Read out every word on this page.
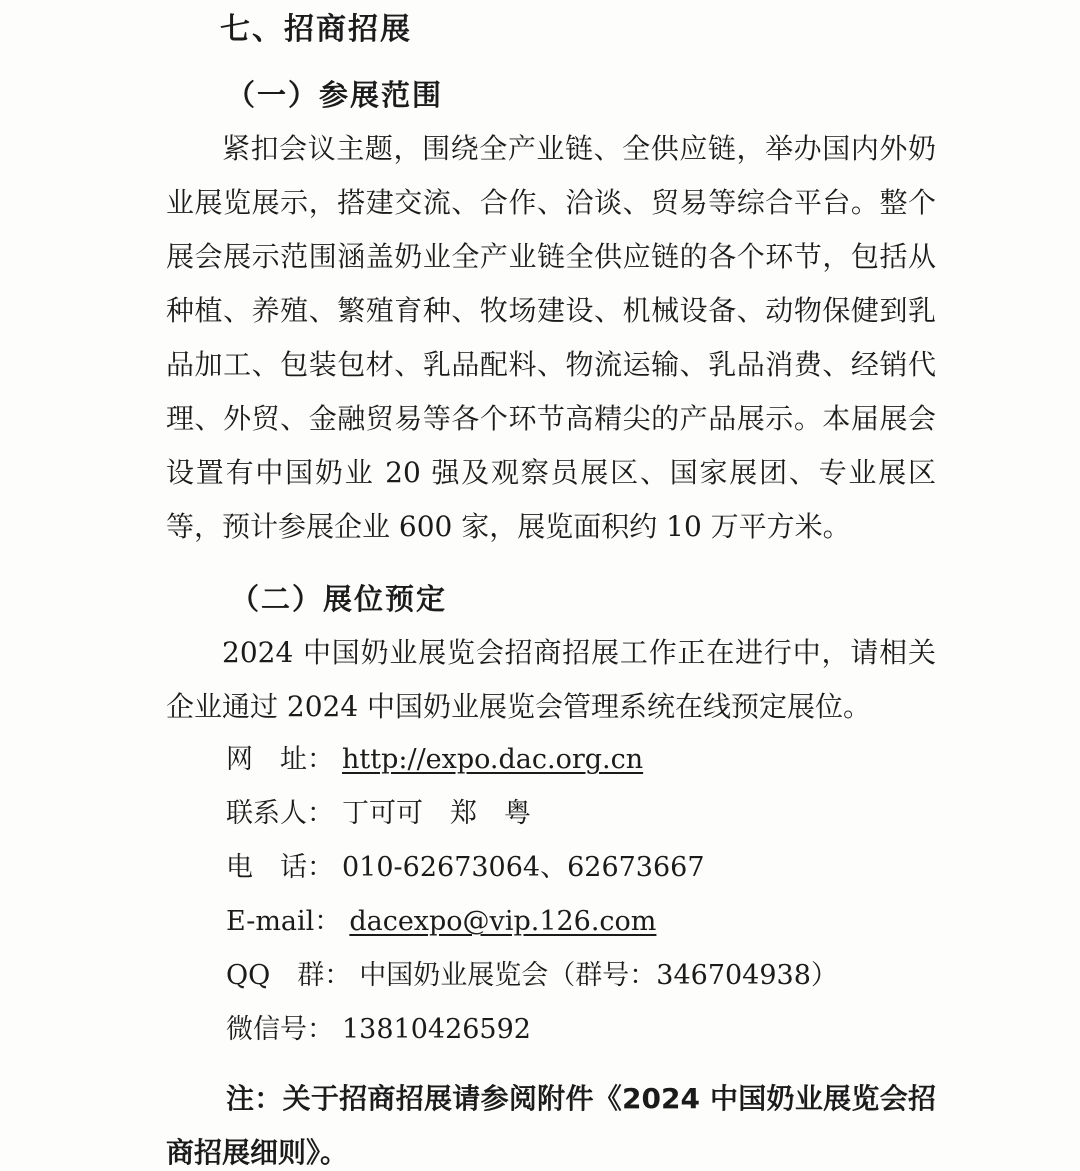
七、招商招展
（一）参展范围

紧扣会议主题，围绕全产业链、全供应链，举办国内外奶业展览展示，搭建交流、合作、洽谈、贸易等综合平台。整个展会展示范围涵盖奶业全产业链全供应链的各个环节，包括从种植、养殖、繁殖育种、牧场建设、机械设备、动物保健到乳品加工、包装包材、乳品配料、物流运输、乳品消费、经销代理、外贸、金融贸易等各个环节高精尖的产品展示。本届展会设置有中国奶业 20 强及观察员展区、国家展团、专业展区等，预计参展企业 600 家，展览面积约 10 万平方米。

（二）展位预定

2024 中国奶业展览会招商招展工作正在进行中，请相关企业通过 2024 中国奶业展览会管理系统在线预定展位。

网　址： http://expo.dac.org.cn
联系人： 丁可可　郑　粤
电　话： 010-62673064、62673667
E-mail： dacexpo@vip.126.com
QQ　群： 中国奶业展览会（群号：346704938）
微信号： 13810426592

注：关于招商招展请参阅附件《2024 中国奶业展览会招商招展细则》。
